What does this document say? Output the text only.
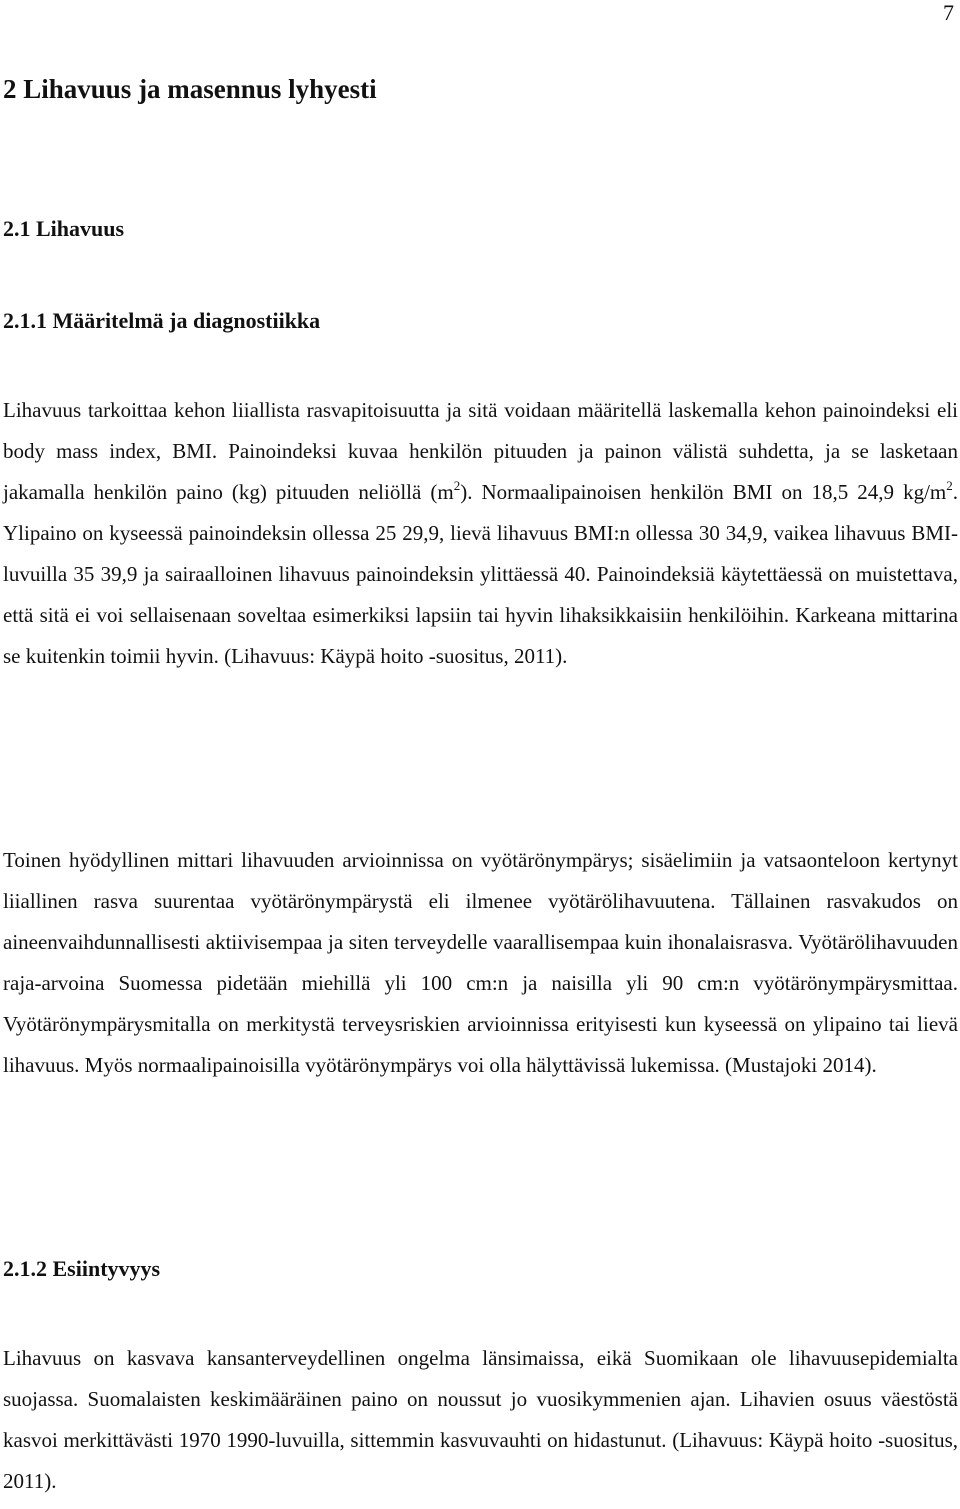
7
2 Lihavuus ja masennus lyhyesti
2.1 Lihavuus
2.1.1 Määritelmä ja diagnostiikka

Lihavuus tarkoittaa kehon liiallista rasvapitoisuutta ja sitä voidaan määritellä laskemalla kehon painoindeksi eli body mass index, BMI. Painoindeksi kuvaa henkilön pituuden ja painon välistä suhdetta, ja se lasketaan jakamalla henkilön paino (kg) pituuden neliöllä $(m^2)$. Normaalipainoisen henkilön BMI on 18,5 24,9 $kg/m^2$. Ylipaino on kyseessä painoindeksin ollessa 25 29,9, lievä lihavuus BMI:n ollessa 30 34,9, vaikea lihavuus BMI-luvuilla 35 39,9 ja sairaalloinen lihavuus painoindeksin ylittäessä 40. Painoindeksiä käytettäessä on muistettava, että sitä ei voi sellaisenaan soveltaa esimerkiksi lapsiin tai hyvin lihaksikkaisiin henkilöihin. Karkeana mittarina se kuitenkin toimii hyvin. (Lihavuus: Käypä hoito -suositus, 2011).

Toinen hyödyllinen mittari lihavuuden arvioinnissa on vyötärönympärys; sisäelimiin ja vatsaonteloon kertynyt liiallinen rasva suurentaa vyötärönympärystä eli ilmenee vyötärölihavuutena. Tällainen rasvakudos on aineenvaihdunnallisesti aktiivisempaa ja siten terveydelle vaarallisempaa kuin ihonalaisrasva. Vyötärölihavuuden raja-arvoina Suomessa pidetään miehillä yli 100 cm:n ja naisilla yli 90 cm:n vyötärönympärysmittaa. Vyötärönympärysmitalla on merkitystä terveysriskien arvioinnissa erityisesti kun kyseessä on ylipaino tai lievä lihavuus. Myös normaalipainoisilla vyötärönympärys voi olla hälyttävissä lukemissa. (Mustajoki 2014).

2.1.2 Esiintyvyys

Lihavuus on kasvava kansanterveydellinen ongelma länsimaissa, eikä Suomikaan ole lihavuusepidemialta suojassa. Suomalaisten keskimääräinen paino on noussut jo vuosikymmenien ajan. Lihavien osuus väestöstä kasvoi merkittävästi 1970 1990-luvuilla, sittemmin kasvuvauhti on hidastunut. (Lihavuus: Käypä hoito -suositus, 2011).
